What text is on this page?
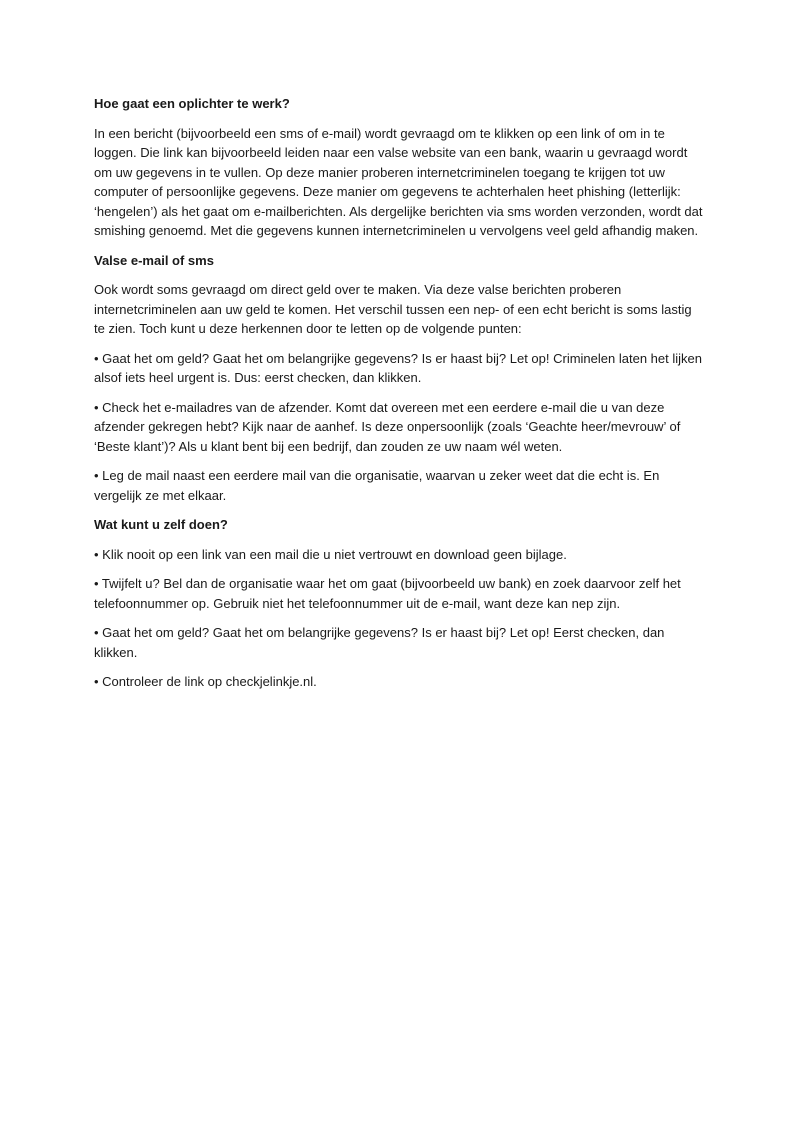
Hoe gaat een oplichter te werk?

In een bericht (bijvoorbeeld een sms of e-mail) wordt gevraagd om te klikken op een link of om in te loggen. Die link kan bijvoorbeeld leiden naar een valse website van een bank, waarin u gevraagd wordt om uw gegevens in te vullen. Op deze manier proberen internetcriminelen toegang te krijgen tot uw computer of persoonlijke gegevens. Deze manier om gegevens te achterhalen heet phishing (letterlijk: ‘hengelen’) als het gaat om e-mailberichten. Als dergelijke berichten via sms worden verzonden, wordt dat smishing genoemd. Met die gegevens kunnen internetcriminelen u vervolgens veel geld afhandig maken.

Valse e-mail of sms

Ook wordt soms gevraagd om direct geld over te maken. Via deze valse berichten proberen internetcriminelen aan uw geld te komen. Het verschil tussen een nep- of een echt bericht is soms lastig te zien. Toch kunt u deze herkennen door te letten op de volgende punten:

• Gaat het om geld? Gaat het om belangrijke gegevens? Is er haast bij? Let op! Criminelen laten het lijken alsof iets heel urgent is. Dus: eerst checken, dan klikken.

• Check het e-mailadres van de afzender. Komt dat overeen met een eerdere e-mail die u van deze afzender gekregen hebt? Kijk naar de aanhef. Is deze onpersoonlijk (zoals ‘Geachte heer/mevrouw’ of ‘Beste klant’)? Als u klant bent bij een bedrijf, dan zouden ze uw naam wél weten.

• Leg de mail naast een eerdere mail van die organisatie, waarvan u zeker weet dat die echt is. En vergelijk ze met elkaar.

Wat kunt u zelf doen?

• Klik nooit op een link van een mail die u niet vertrouwt en download geen bijlage.

• Twijfelt u? Bel dan de organisatie waar het om gaat (bijvoorbeeld uw bank) en zoek daarvoor zelf het telefoonnummer op. Gebruik niet het telefoonnummer uit de e-mail, want deze kan nep zijn.

• Gaat het om geld? Gaat het om belangrijke gegevens? Is er haast bij? Let op! Eerst checken, dan klikken.

• Controleer de link op checkjelinkje.nl.
